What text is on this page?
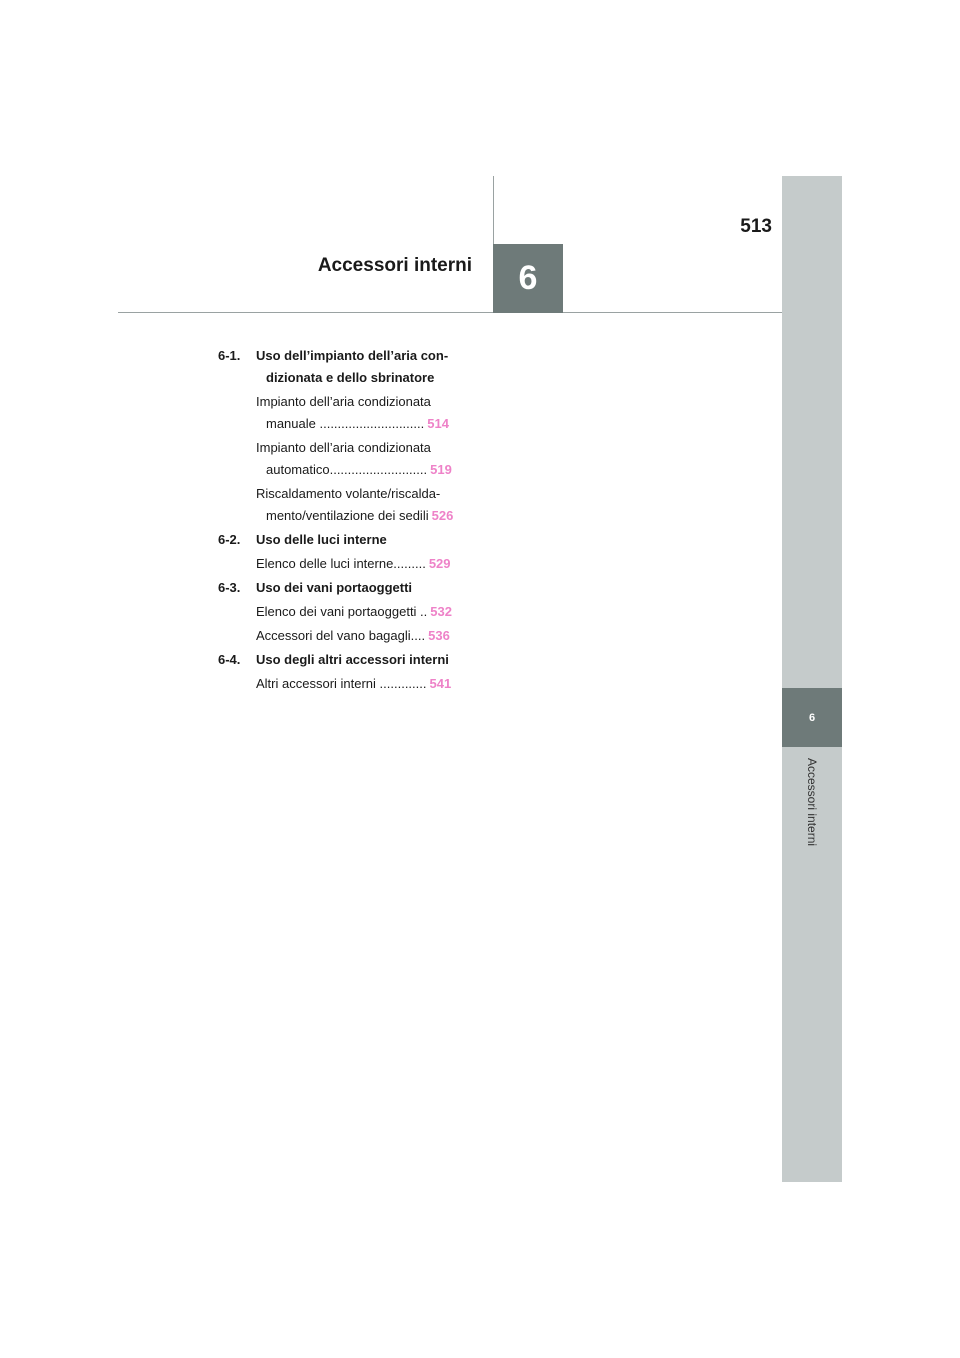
6
Accessori interni
6
Accessori interni
513
6-1.	Uso dell’impianto dell’aria con-
dizionata e dello sbrinatore
Impianto dell’aria condizionata
manuale ............................. 514
Impianto dell’aria condizionata
automatico........................... 519
Riscaldamento volante/riscalda-
mento/ventilazione dei sedili 526
6-2.	Uso delle luci interne
Elenco delle luci interne......... 529
6-3.	Uso dei vani portaoggetti
Elenco dei vani portaoggetti .. 532
Accessori del vano bagagli.... 536
6-4.	Uso degli altri accessori interni
Altri accessori interni ............. 541
